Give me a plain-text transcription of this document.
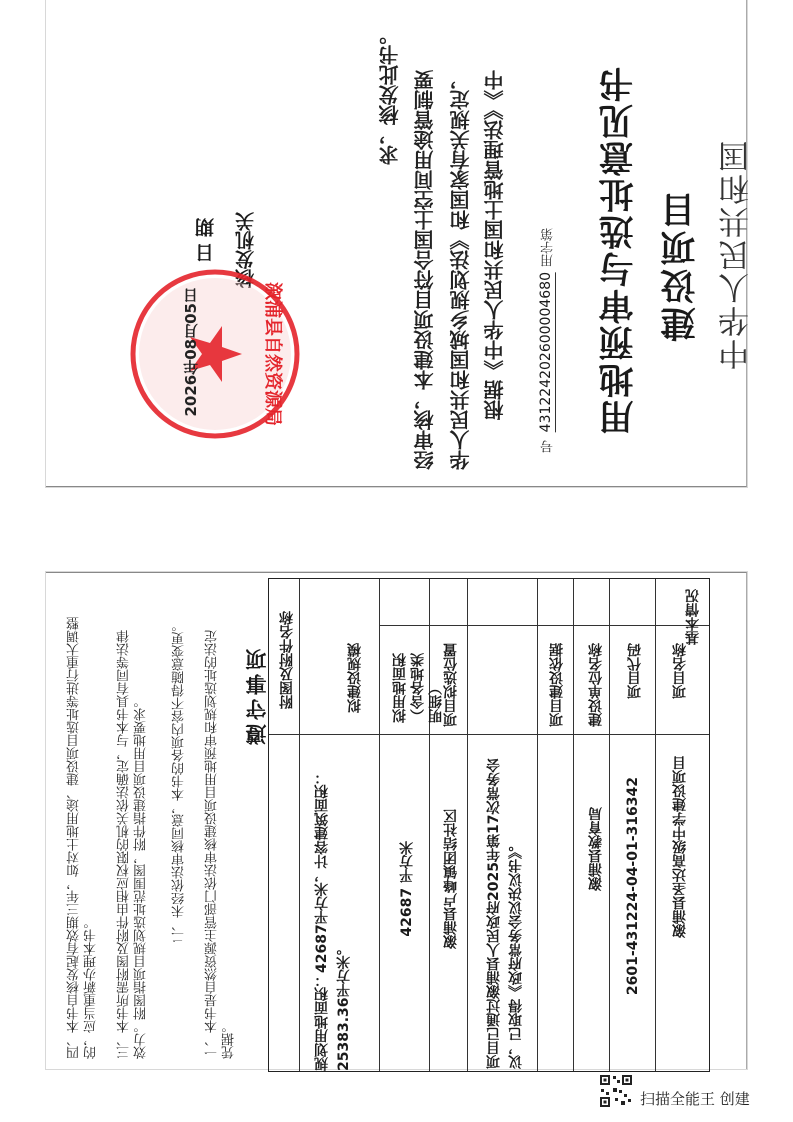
中华人民共和国
建设项目
用地预审与选址意见书
用字第
431224202600004680
号
根据《中华人民共和国土地管理法》《中
华人民共和国城乡规划法》和国家有关规定，
经审核，本建设项目符合国土空间用途管制要
求，核发此书。
核发机关
日 期
溆浦县自然资源局
2026年08月05日
基本情况
项目名称
溆浦县圣达高级中学建设项目
项目代码
2601-431224-04-01-316342
建设单位名称
溆浦县教育局
项目建设依据
项目已通过溆浦县人民政府2025年第17次常务会议，已取得《政府常务会议决议书》。
项目拟选位置
溆浦县卢峰镇团结社区
拟用地面积（含各地类明细）
42687 平方米
拟建设规模
规划用地面积：42687平方米，计容建筑面积：25383.36平方米。
附图及附件名称
遵守事项
一、本书是自然资源主管部门依法审核建设项目用地预审和规划选址的法定凭据。
二、未经依法审核同意，本书的各项内容不得随意变更。
三、本书所需附图及附件由相应权限的机关依法确定，与本书具有同等法律效力。附图指项目规划选址范围图，附件指建设项目用地要求。
四、本书自核发起有效期三年，如对土地用途、建设项目选址等进行重大调整的，应当重新办理本书。
扫描全能王 创建
